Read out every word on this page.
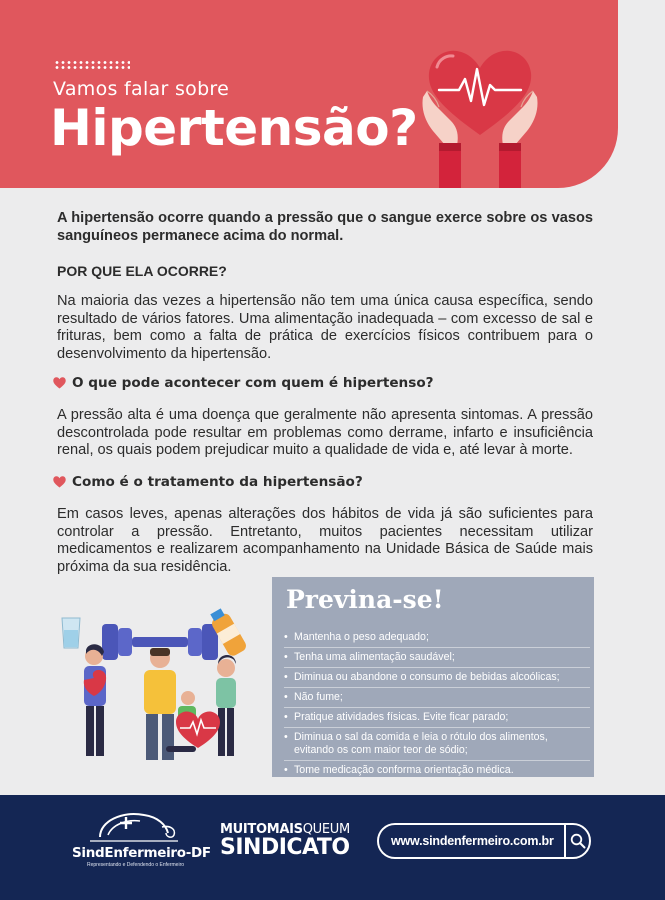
Vamos falar sobre
Hipertensão?
A hipertensão ocorre quando a pressão que o sangue exerce sobre os vasos sanguíneos permanece acima do normal.
POR QUE ELA OCORRE?
Na maioria das vezes a hipertensão não tem uma única causa específica, sendo resultado de vários fatores. Uma alimentação inadequada – com excesso de sal e frituras, bem como a falta de prática de exercícios físicos contribuem para o desenvolvimento da hipertensão.
O que pode acontecer com quem é hipertenso?
A pressão alta é uma doença que geralmente não apresenta sintomas. A pressão descontrolada pode resultar em problemas como derrame, infarto e insuficiência renal, os quais podem prejudicar muito a qualidade de vida e, até levar à morte.
Como é o tratamento da hipertensão?
Em casos leves, apenas alterações dos hábitos de vida já são suficientes para controlar a pressão. Entretanto, muitos pacientes necessitam utilizar medicamentos e realizarem acompanhamento na Unidade Básica de Saúde mais próxima da sua residência.
Previna-se!
• Mantenha o peso adequado;
• Tenha uma alimentação saudável;
• Diminua ou abandone o consumo de bebidas alcoólicas;
• Não fume;
• Pratique atividades físicas. Evite ficar parado;
• Diminua o sal da comida e leia o rótulo dos alimentos, evitando os com maior teor de sódio;
• Tome medicação conforma orientação médica.
SindEnfermeiro-DF
Representando e Defendendo o Enfermeiro
MUITOMAISQUEUM
SINDICATO	www.sindenfermeiro.com.br
